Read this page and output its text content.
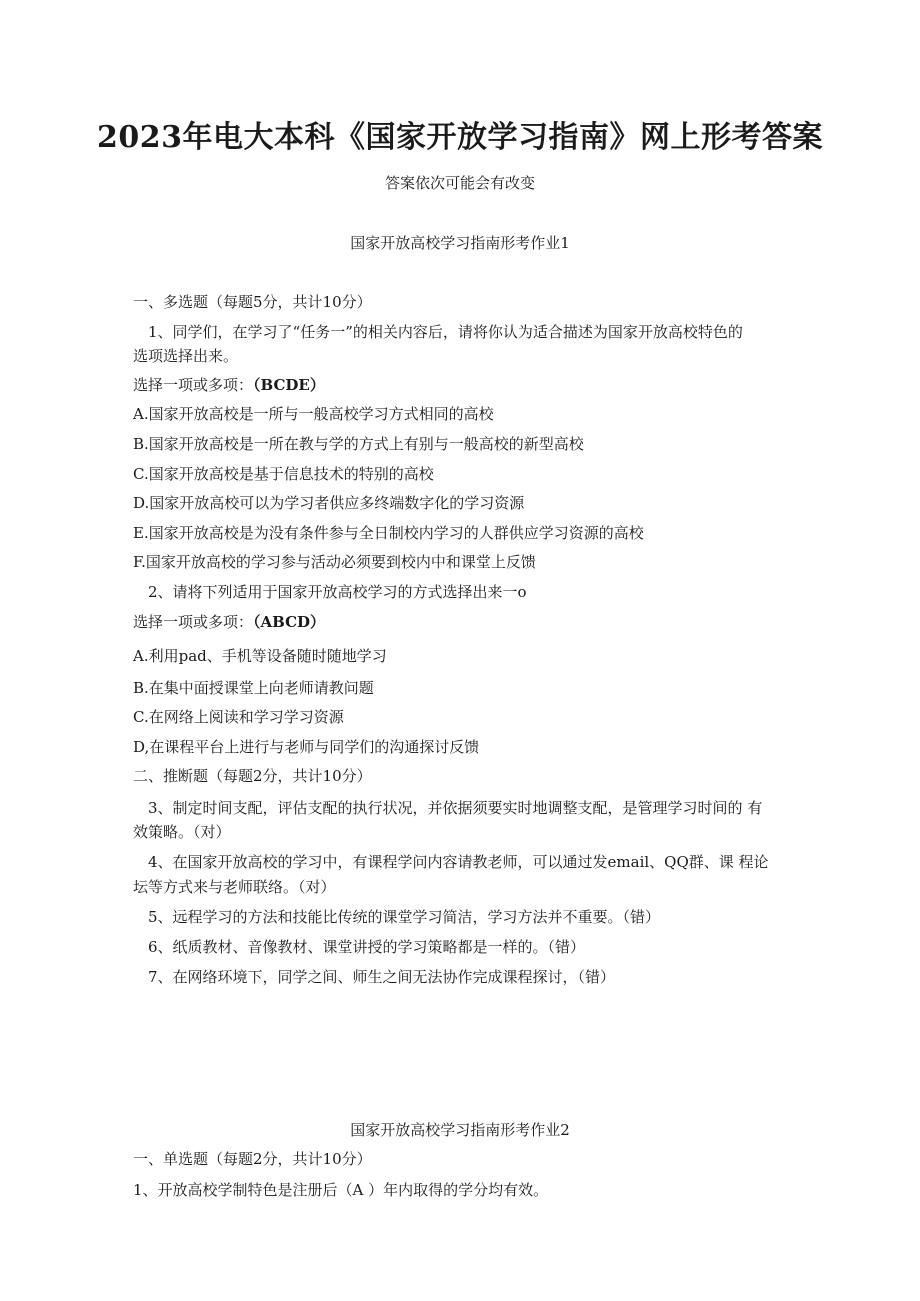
2023年电大本科《国家开放学习指南》网上形考答案
答案依次可能会有改变
国家开放高校学习指南形考作业1
一、多选题（每题5分，共计10分）
1、同学们，在学习了“任务一”的相关内容后，请将你认为适合描述为国家开放高校特色的
选项选择出来。
选择一项或多项：（BCDE）
A.国家开放高校是一所与一般高校学习方式相同的高校
B.国家开放高校是一所在教与学的方式上有别与一般高校的新型高校
C.国家开放高校是基于信息技术的特别的高校
D.国家开放高校可以为学习者供应多终端数字化的学习资源
E.国家开放高校是为没有条件参与全日制校内学习的人群供应学习资源的高校
F.国家开放高校的学习参与活动必须要到校内中和课堂上反馈
2、请将下列适用于国家开放高校学习的方式选择出来一o
选择一项或多项：（ABCD）
A.利用pad、手机等设备随时随地学习
B.在集中面授课堂上向老师请教问题
C.在网络上阅读和学习学习资源
D,在课程平台上进行与老师与同学们的沟通探讨反馈
二、推断题（每题2分，共计10分）
3、制定时间支配，评估支配的执行状况，并依据须要实时地调整支配，是管理学习时间的 有
效策略。（对）
4、在国家开放高校的学习中，有课程学问内容请教老师，可以通过发email、QQ群、课 程论
坛等方式来与老师联络。（对）
5、远程学习的方法和技能比传统的课堂学习简洁，学习方法并不重要。（错）
6、纸质教材、音像教材、课堂讲授的学习策略都是一样的。（错）
7、在网络环境下，同学之间、师生之间无法协作完成课程探讨，（错）
国家开放高校学习指南形考作业2
一、单选题（每题2分，共计10分）
1、开放高校学制特色是注册后（A ）年内取得的学分均有效。
